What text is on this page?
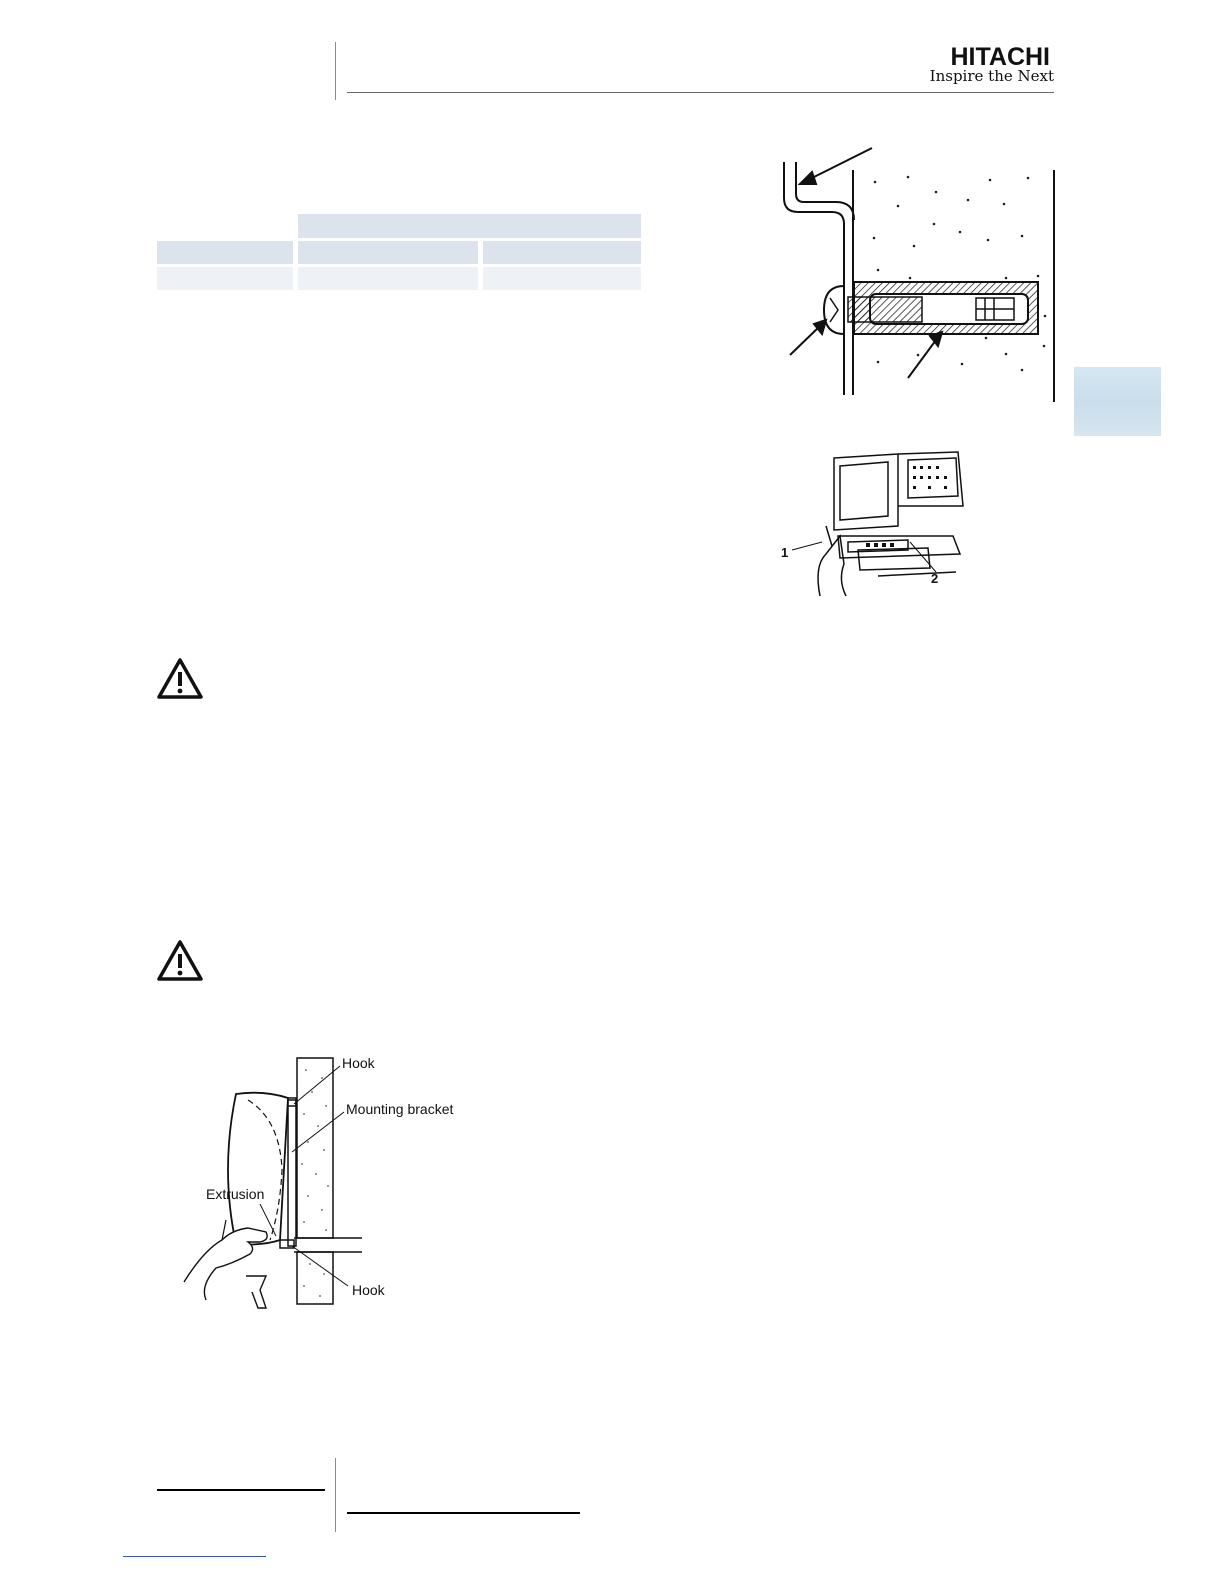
HITACHI
Inspire the Next
1
2
Hook
Mounting bracket
Extrusion
Hook
